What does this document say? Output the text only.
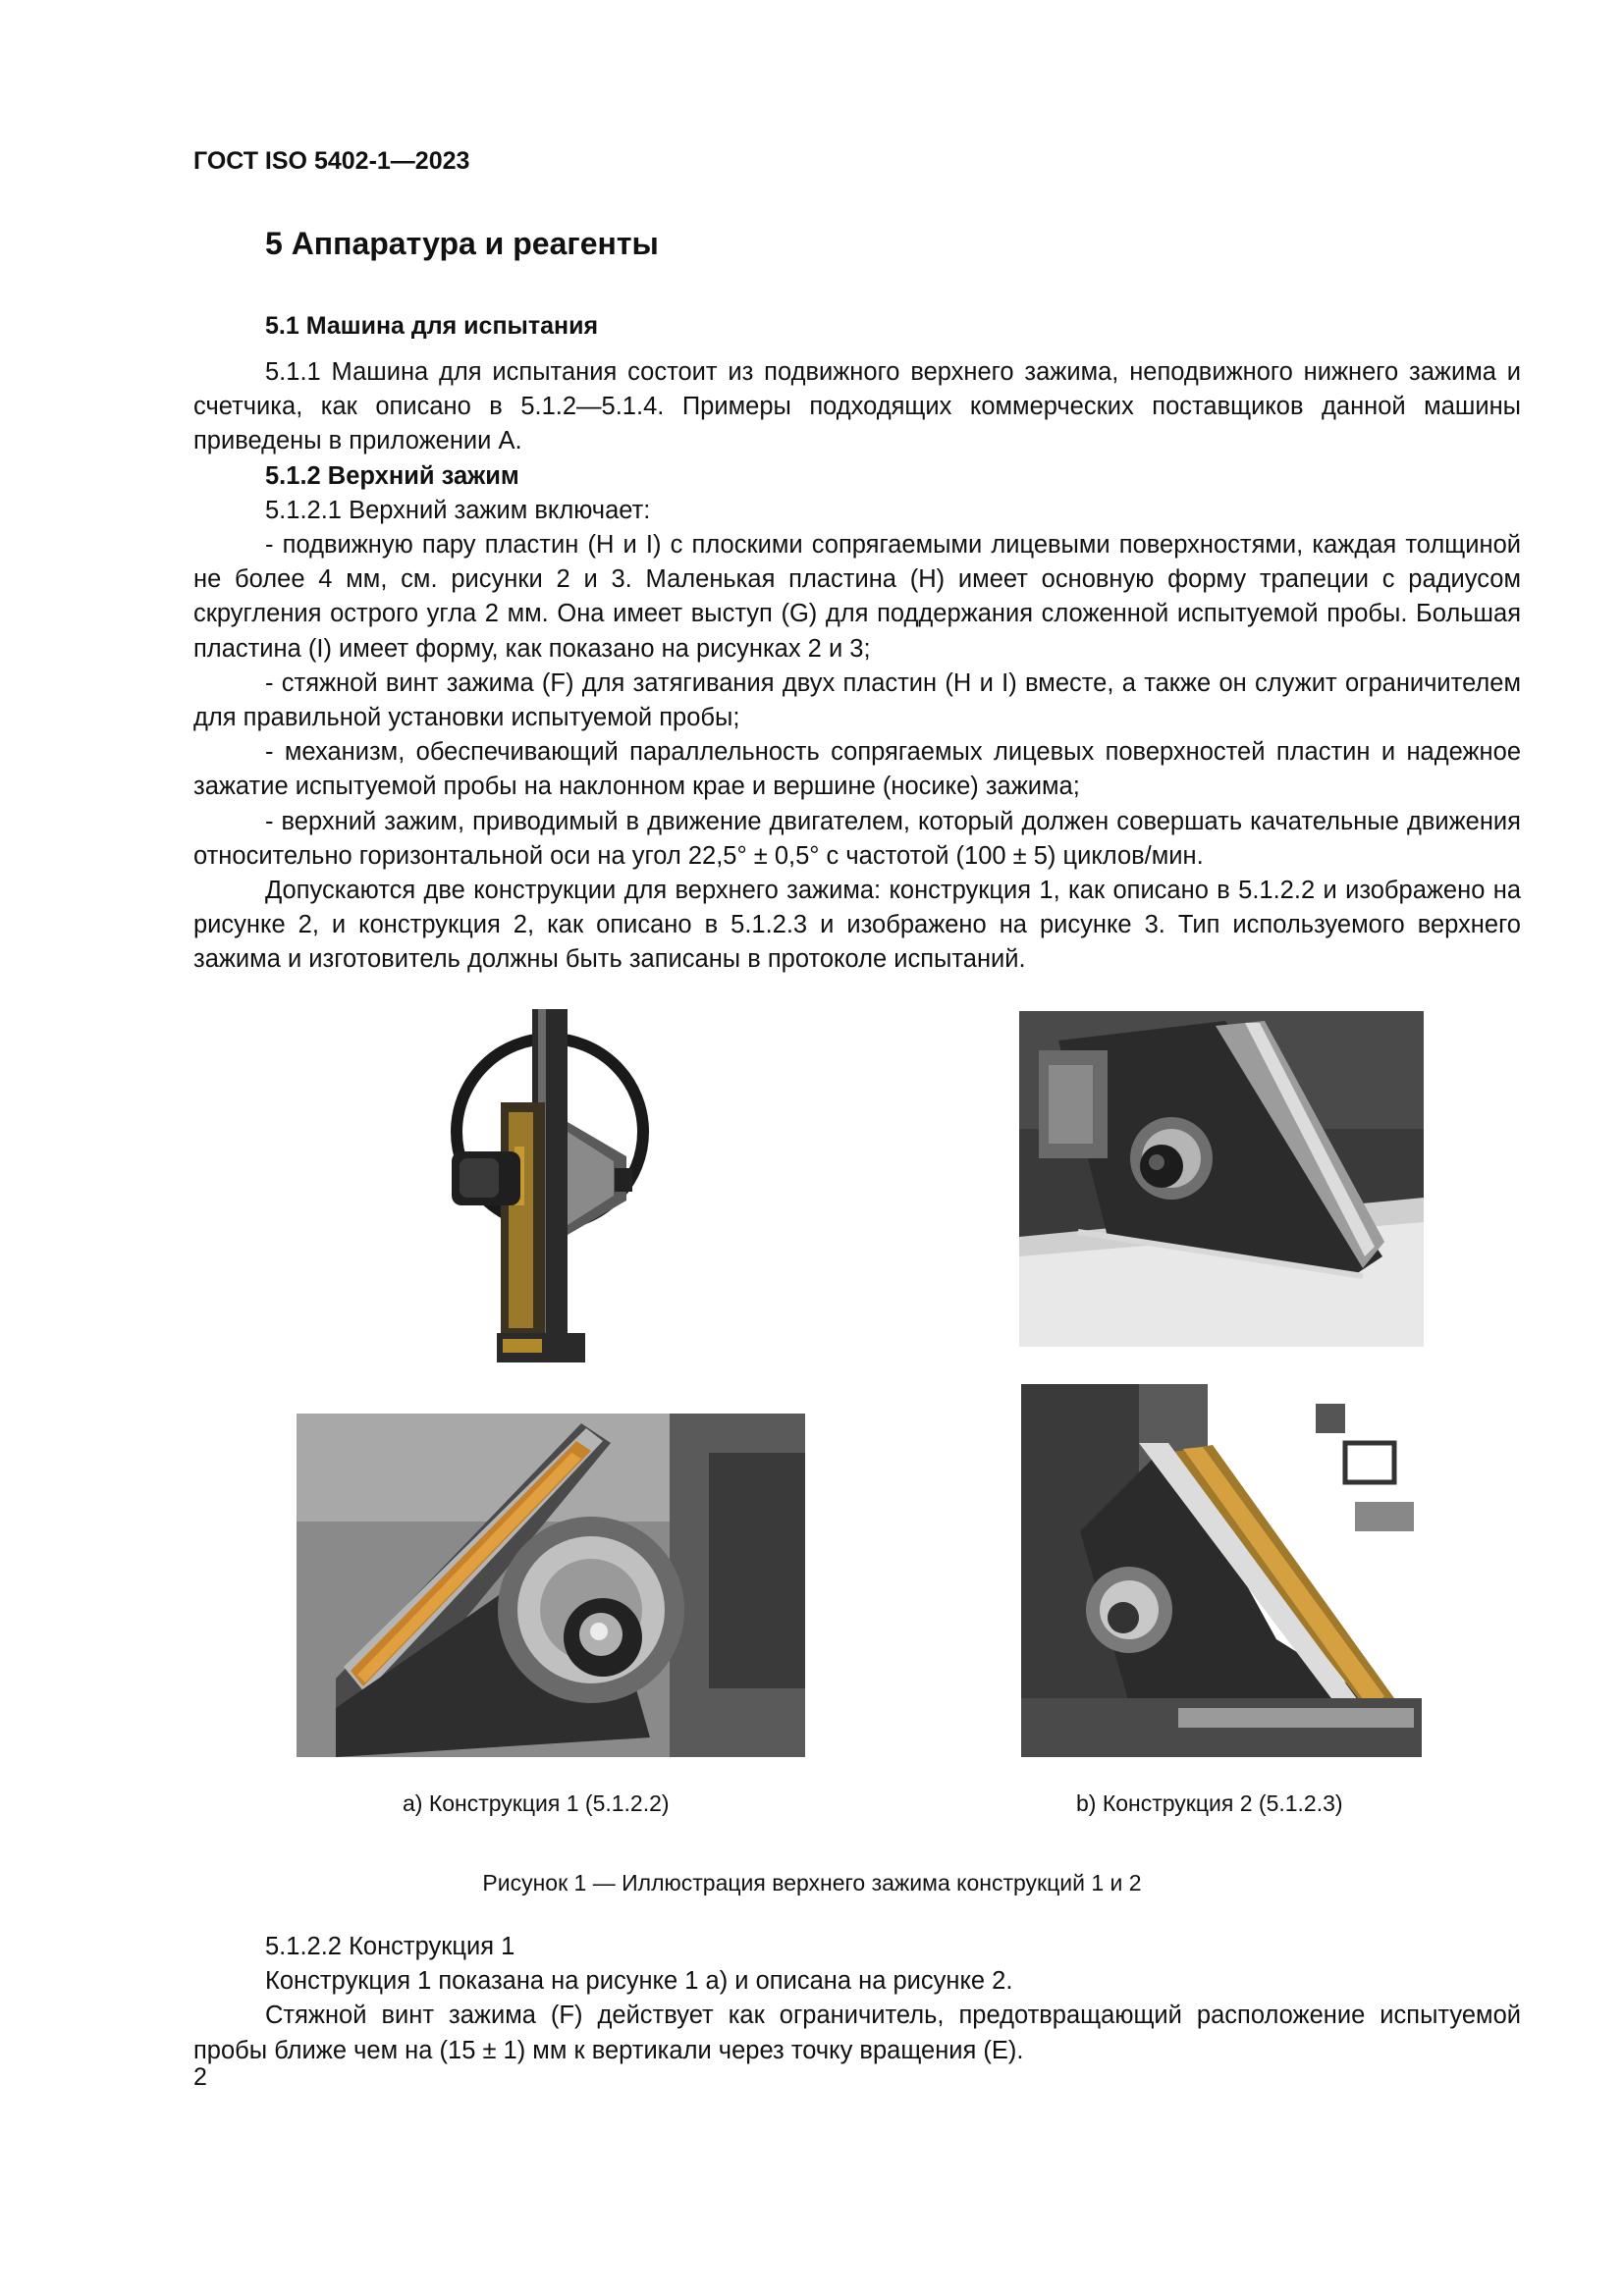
ГОСТ ISO 5402-1—2023

5 Аппаратура и реагенты
5.1 Машина для испытания

5.1.1 Машина для испытания состоит из подвижного верхнего зажима, неподвижного нижнего зажима и счетчика, как описано в 5.1.2—5.1.4. Примеры подходящих коммерческих поставщиков данной машины приведены в приложении А.

5.1.2 Верхний зажим

5.1.2.1 Верхний зажим включает:

- подвижную пару пластин (H и I) с плоскими сопрягаемыми лицевыми поверхностями, каждая толщиной не более 4 мм, см. рисунки 2 и 3. Маленькая пластина (H) имеет основную форму трапеции с радиусом скругления острого угла 2 мм. Она имеет выступ (G) для поддержания сложенной испытуемой пробы. Большая пластина (I) имеет форму, как показано на рисунках 2 и 3;

- стяжной винт зажима (F) для затягивания двух пластин (H и I) вместе, а также он служит ограничителем для правильной установки испытуемой пробы;

- механизм, обеспечивающий параллельность сопрягаемых лицевых поверхностей пластин и надежное зажатие испытуемой пробы на наклонном крае и вершине (носике) зажима;

- верхний зажим, приводимый в движение двигателем, который должен совершать качательные движения относительно горизонтальной оси на угол 22,5° ± 0,5° с частотой (100 ± 5) циклов/мин.

Допускаются две конструкции для верхнего зажима: конструкция 1, как описано в 5.1.2.2 и изображено на рисунке 2, и конструкция 2, как описано в 5.1.2.3 и изображено на рисунке 3. Тип используемого верхнего зажима и изготовитель должны быть записаны в протоколе испытаний.

a) Конструкция 1 (5.1.2.2)	b) Конструкция 2 (5.1.2.3)

Рисунок 1 — Иллюстрация верхнего зажима конструкций 1 и 2

5.1.2.2 Конструкция 1

Конструкция 1 показана на рисунке 1 а) и описана на рисунке 2.

Стяжной винт зажима (F) действует как ограничитель, предотвращающий расположение испытуемой пробы ближе чем на (15 ± 1) мм к вертикали через точку вращения (E).

2
